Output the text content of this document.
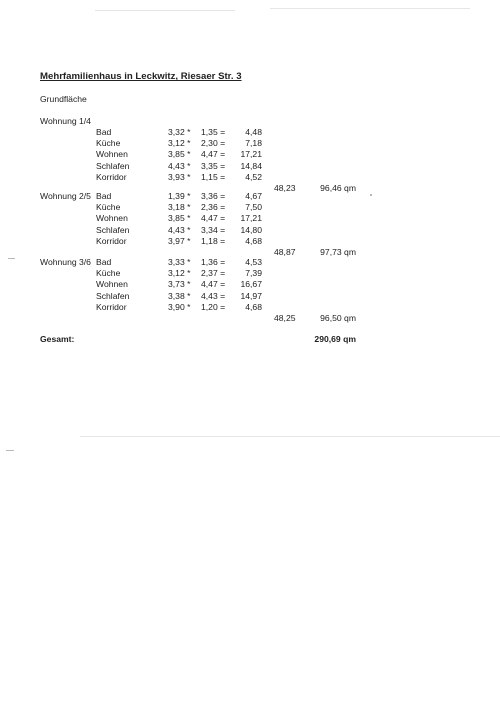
Mehrfamilienhaus in Leckwitz, Riesaer Str. 3
Grundfläche
Wohnung 1/4
Bad	3,32 * 1,35 =	4,48
Küche	3,12 * 2,30 =	7,18
Wohnen	3,85 * 4,47 =	17,21
Schlafen	4,43 * 3,35 =	14,84
Korridor	3,93 * 1,15 =	4,52
48,23	96,46 qm
Wohnung 2/5 Bad	1,39 * 3,36 =	4,67
Küche	3,18 * 2,36 =	7,50
Wohnen	3,85 * 4,47 =	17,21
Schlafen	4,43 * 3,34 =	14,80
Korridor	3,97 * 1,18 =	4,68
48,87	97,73 qm
Wohnung 3/6 Bad	3,33 * 1,36 =	4,53
Küche	3,12 * 2,37 =	7,39
Wohnen	3,73 * 4,47 =	16,67
Schlafen	3,38 * 4,43 =	14,97
Korridor	3,90 * 1,20 =	4,68
48,25	96,50 qm
Gesamt:	290,69 qm
